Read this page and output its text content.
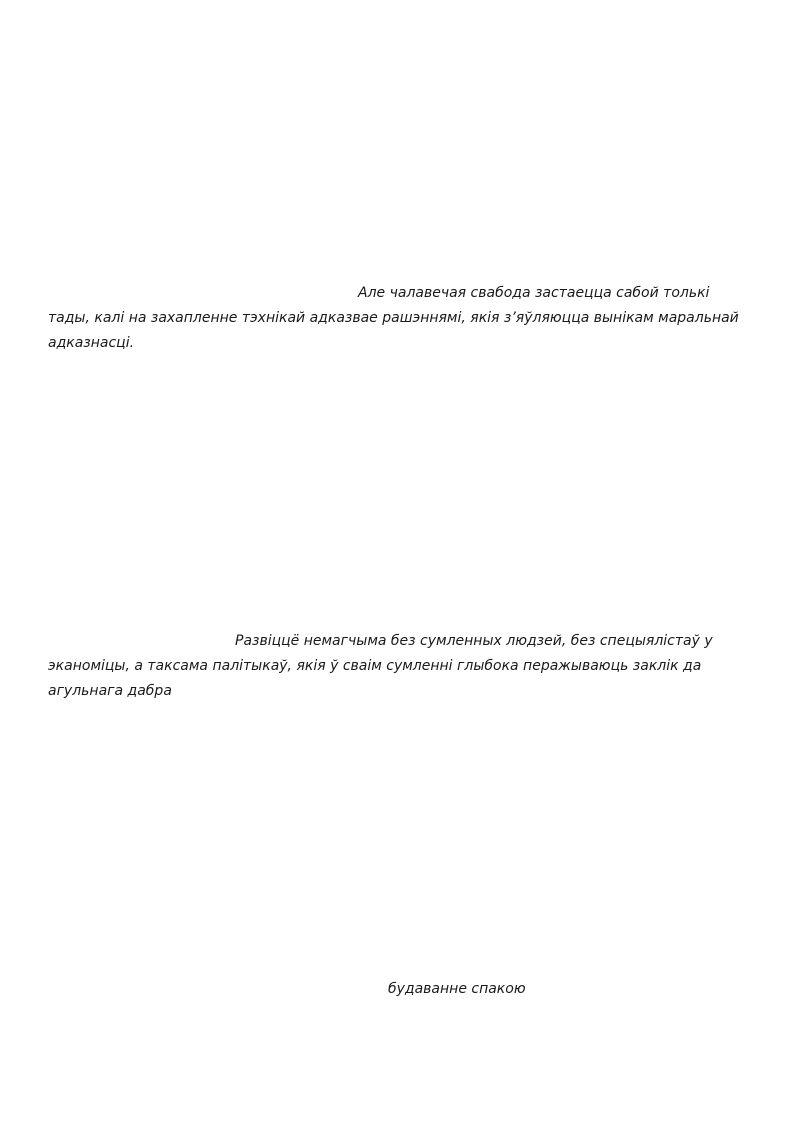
Але чалавечая свабода застаецца сабой толькі
тады, калі на захапленне тэхнікай адказвае рашэннямі, якія з’яўляюцца вынікам маральнай
адказнасці.
Развіццё немагчыма без сумленных людзей, без спецыялістаў у
эканоміцы, а таксама палітыкаў, якія ў сваім сумленні глыбока перажываюць заклік да
агульнага дабра
будаванне спакою
